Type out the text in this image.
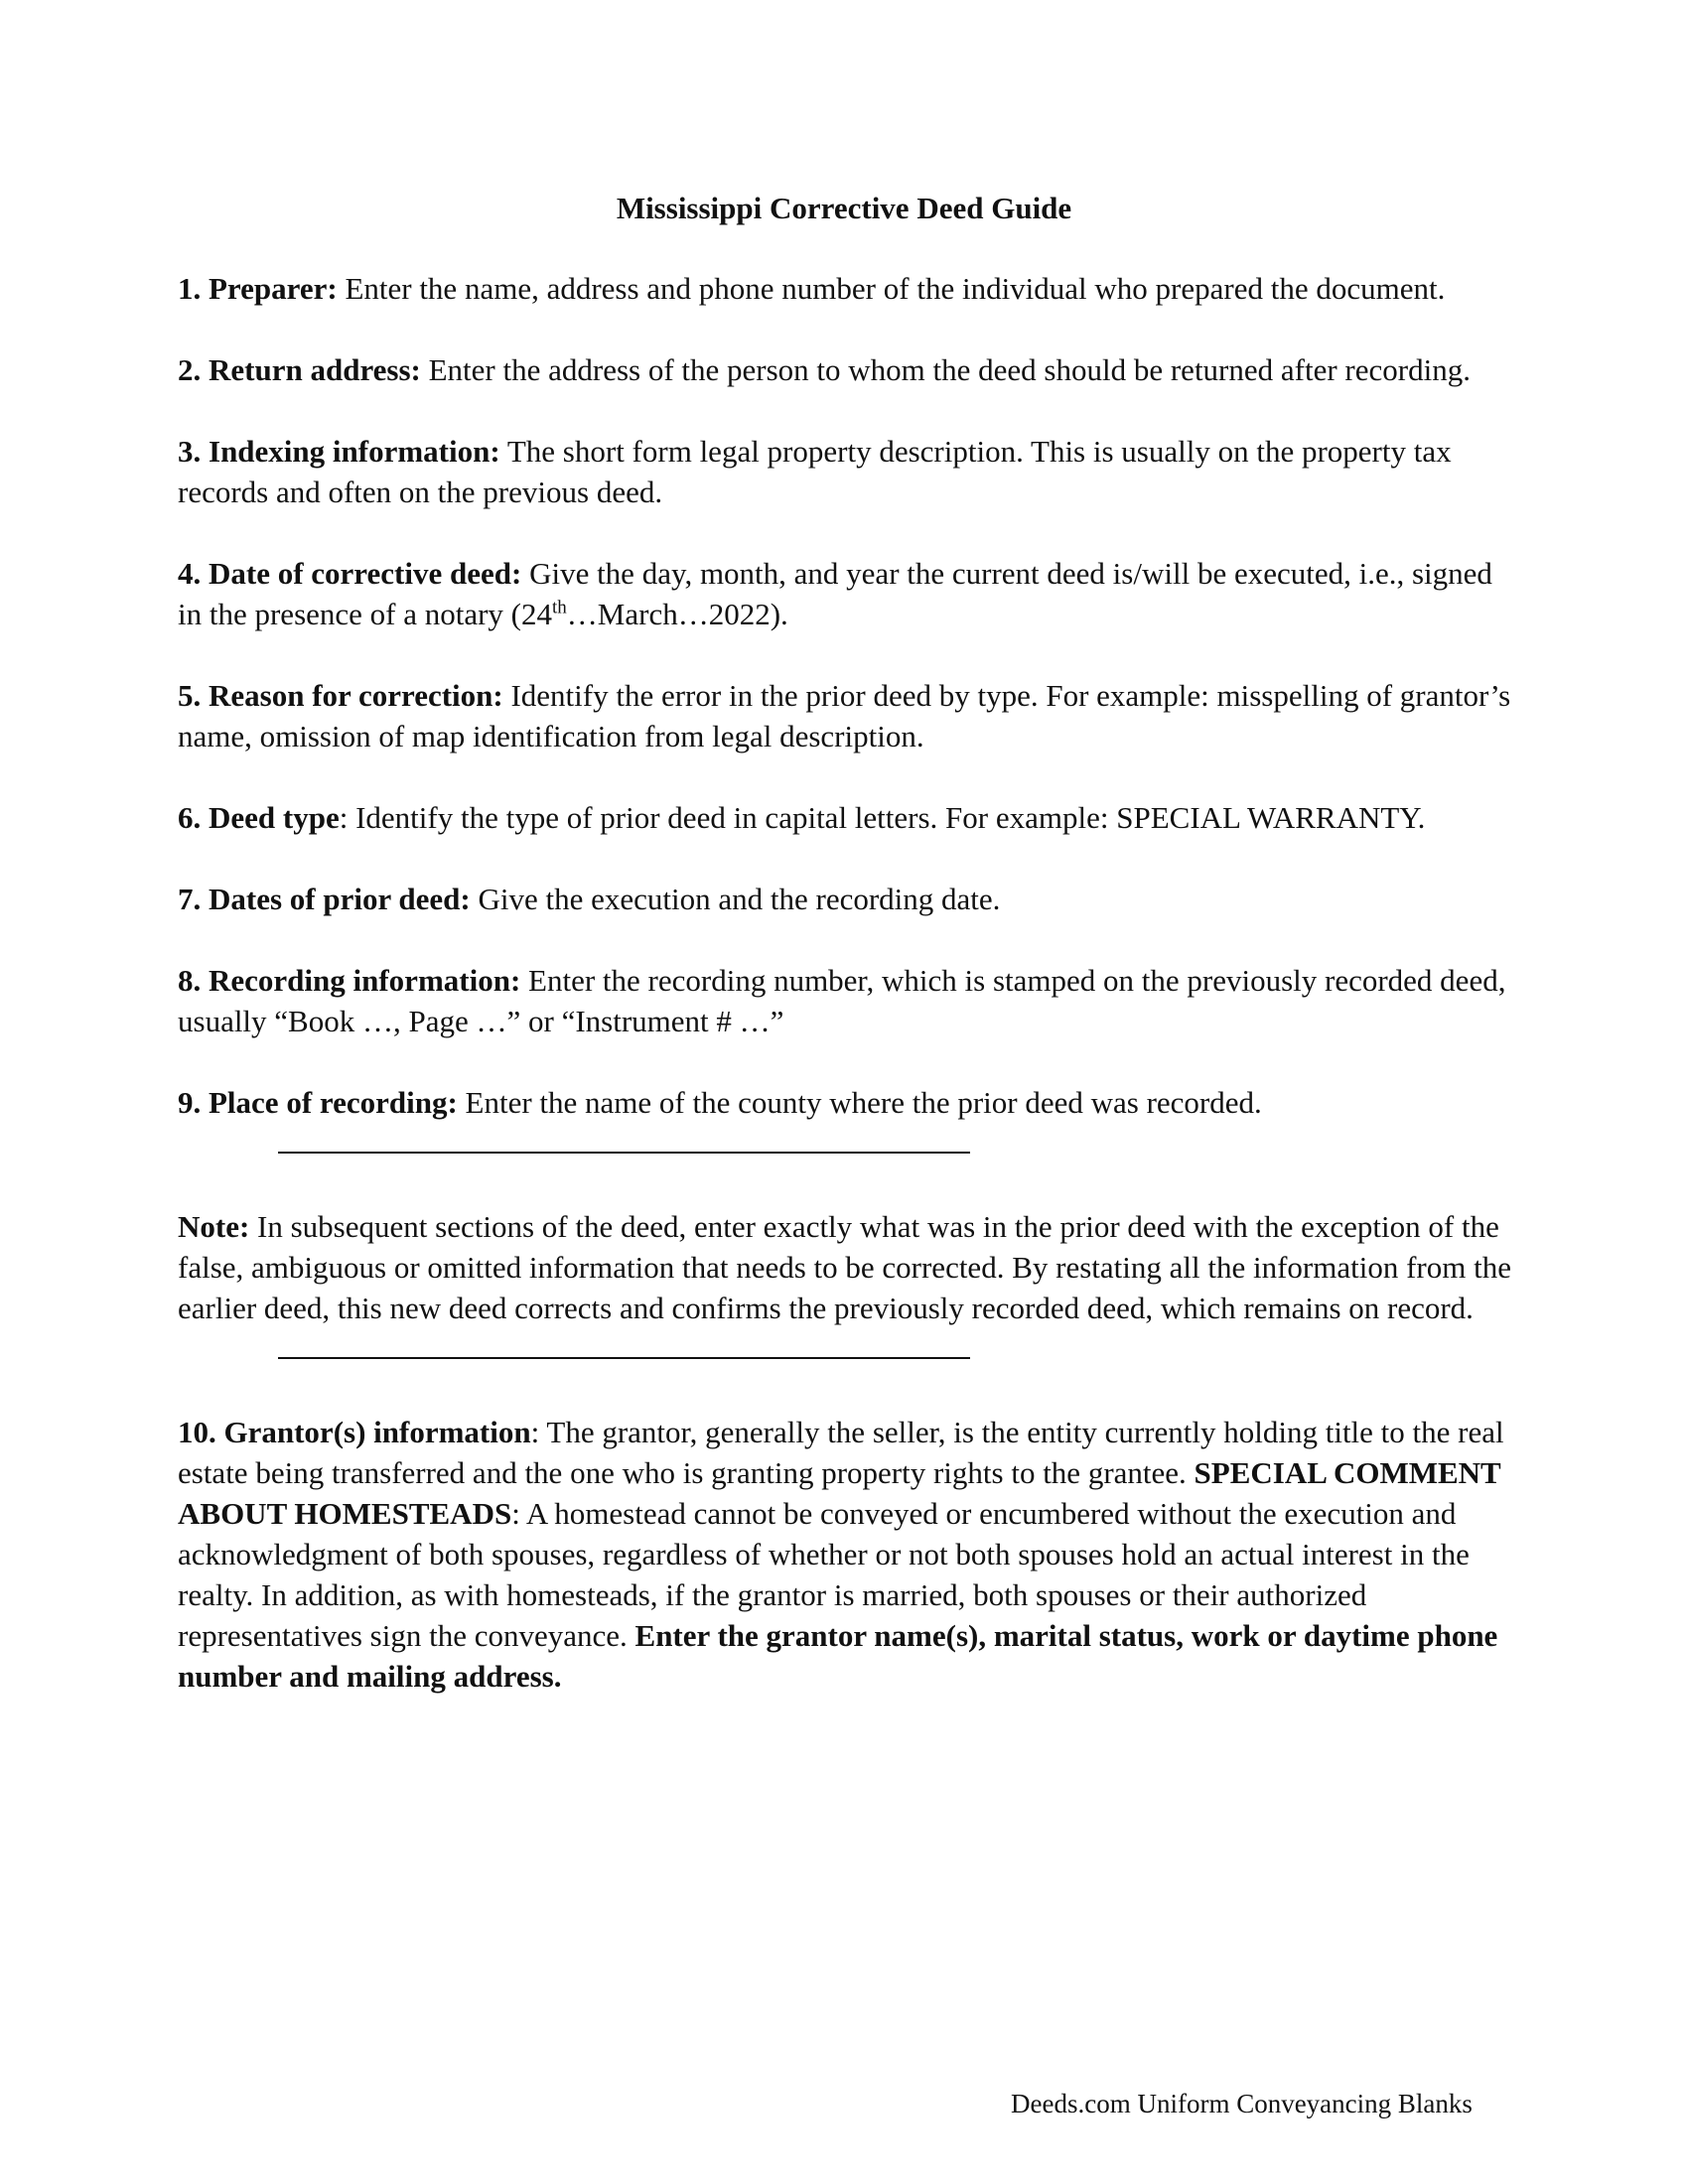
Mississippi Corrective Deed Guide

1. Preparer: Enter the name, address and phone number of the individual who prepared the document.

2. Return address: Enter the address of the person to whom the deed should be returned after recording.

3. Indexing information: The short form legal property description. This is usually on the property tax records and often on the previous deed.

4. Date of corrective deed: Give the day, month, and year the current deed is/will be executed, i.e., signed in the presence of a notary (24th…March…2022).

5. Reason for correction: Identify the error in the prior deed by type. For example: misspelling of grantor’s name, omission of map identification from legal description.

6. Deed type: Identify the type of prior deed in capital letters. For example: SPECIAL WARRANTY.

7. Dates of prior deed: Give the execution and the recording date.

8. Recording information: Enter the recording number, which is stamped on the previously recorded deed, usually “Book …, Page …” or “Instrument # …”

9. Place of recording: Enter the name of the county where the prior deed was recorded.

Note: In subsequent sections of the deed, enter exactly what was in the prior deed with the exception of the false, ambiguous or omitted information that needs to be corrected. By restating all the information from the earlier deed, this new deed corrects and confirms the previously recorded deed, which remains on record.

10. Grantor(s) information: The grantor, generally the seller, is the entity currently holding title to the real estate being transferred and the one who is granting property rights to the grantee. SPECIAL COMMENT ABOUT HOMESTEADS: A homestead cannot be conveyed or encumbered without the execution and acknowledgment of both spouses, regardless of whether or not both spouses hold an actual interest in the realty. In addition, as with homesteads, if the grantor is married, both spouses or their authorized representatives sign the conveyance. Enter the grantor name(s), marital status, work or daytime phone number and mailing address.

Deeds.com Uniform Conveyancing Blanks
